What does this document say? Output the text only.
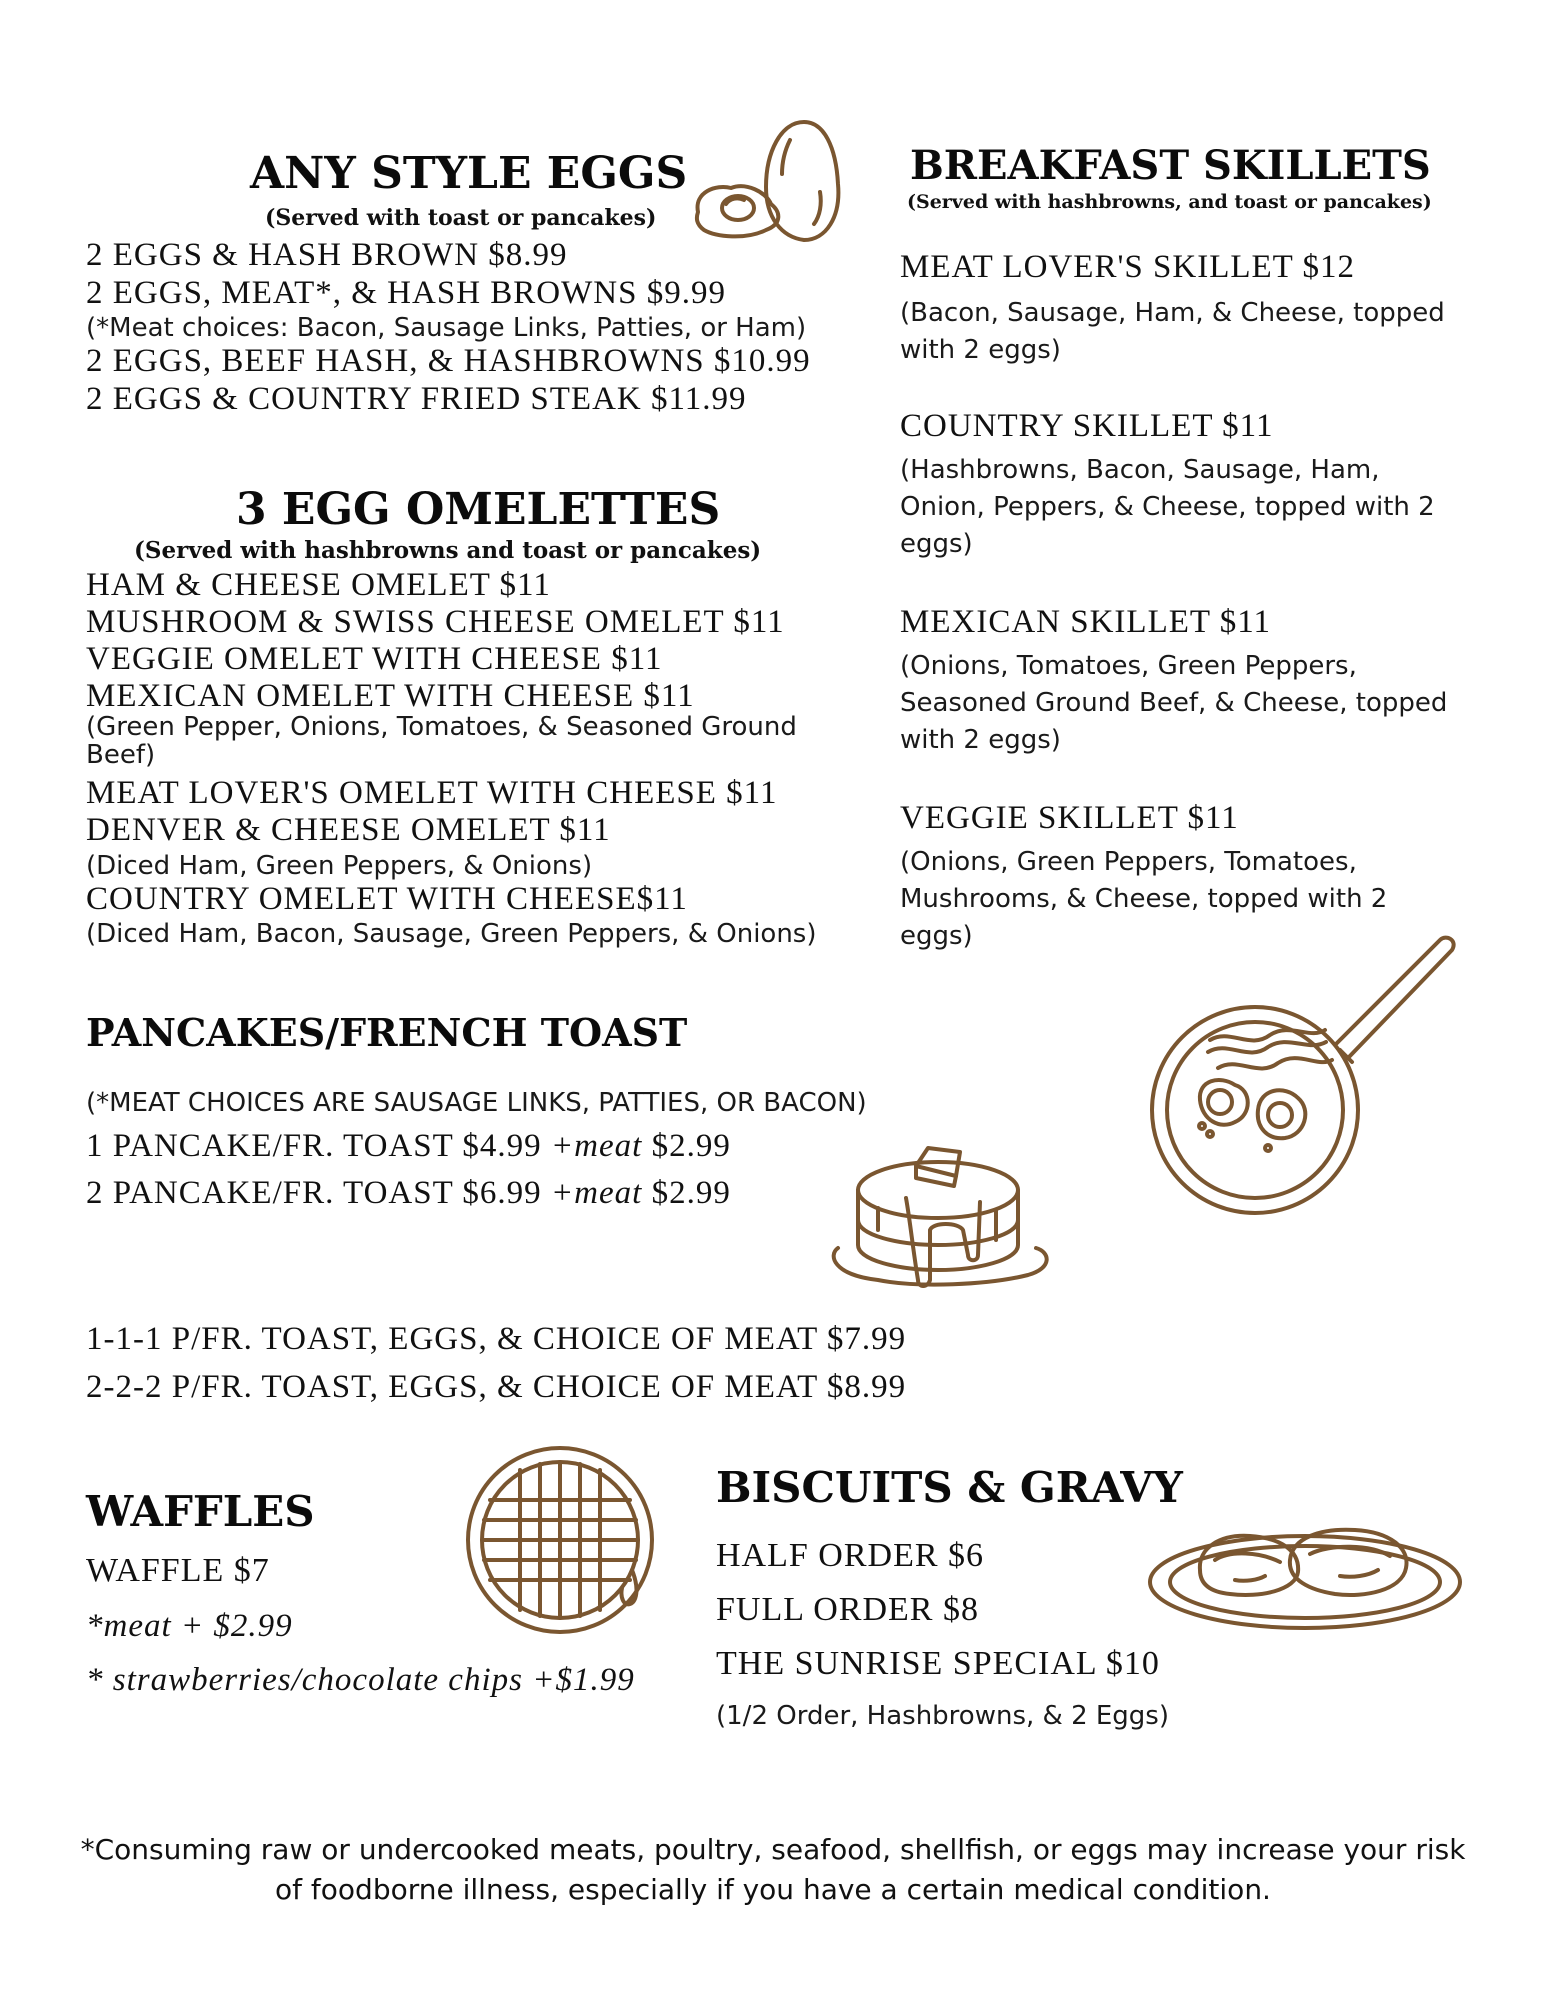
ANY STYLE EGGS
(Served with toast or pancakes)
2 EGGS & HASH BROWN $8.99
2 EGGS, MEAT*, & HASH BROWNS $9.99
(*Meat choices: Bacon, Sausage Links, Patties, or Ham)
2 EGGS, BEEF HASH, & HASHBROWNS $10.99
2 EGGS & COUNTRY FRIED STEAK $11.99
3 EGG OMELETTES
(Served with hashbrowns and toast or pancakes)
HAM & CHEESE OMELET $11
MUSHROOM & SWISS CHEESE OMELET $11
VEGGIE OMELET WITH CHEESE $11
MEXICAN OMELET WITH CHEESE $11
(Green Pepper, Onions, Tomatoes, & Seasoned Ground Beef)
MEAT LOVER'S OMELET WITH CHEESE $11
DENVER & CHEESE OMELET $11
(Diced Ham, Green Peppers, & Onions)
COUNTRY OMELET WITH CHEESE$11
(Diced Ham, Bacon, Sausage, Green Peppers, & Onions)
BREAKFAST SKILLETS
(Served with hashbrowns, and toast or pancakes)
MEAT LOVER'S SKILLET $12
(Bacon, Sausage, Ham, & Cheese, topped with 2 eggs)
COUNTRY SKILLET $11
(Hashbrowns, Bacon, Sausage, Ham, Onion, Peppers, & Cheese, topped with 2 eggs)
MEXICAN SKILLET $11
(Onions, Tomatoes, Green Peppers, Seasoned Ground Beef, & Cheese, topped with 2 eggs)
VEGGIE SKILLET $11
(Onions, Green Peppers, Tomatoes, Mushrooms, & Cheese, topped with 2 eggs)
PANCAKES/FRENCH TOAST
(*MEAT CHOICES ARE SAUSAGE LINKS, PATTIES, OR BACON)
1 PANCAKE/FR. TOAST $4.99 +meat $2.99
2 PANCAKE/FR. TOAST $6.99 +meat $2.99
1-1-1 P/FR. TOAST, EGGS, & CHOICE OF MEAT $7.99
2-2-2 P/FR. TOAST, EGGS, & CHOICE OF MEAT $8.99
WAFFLES
WAFFLE $7
*meat + $2.99
* strawberries/chocolate chips +$1.99
BISCUITS & GRAVY
HALF ORDER $6
FULL ORDER $8
THE SUNRISE SPECIAL $10
(1/2 Order, Hashbrowns, & 2 Eggs)
*Consuming raw or undercooked meats, poultry, seafood, shellfish, or eggs may increase your risk of foodborne illness, especially if you have a certain medical condition.
